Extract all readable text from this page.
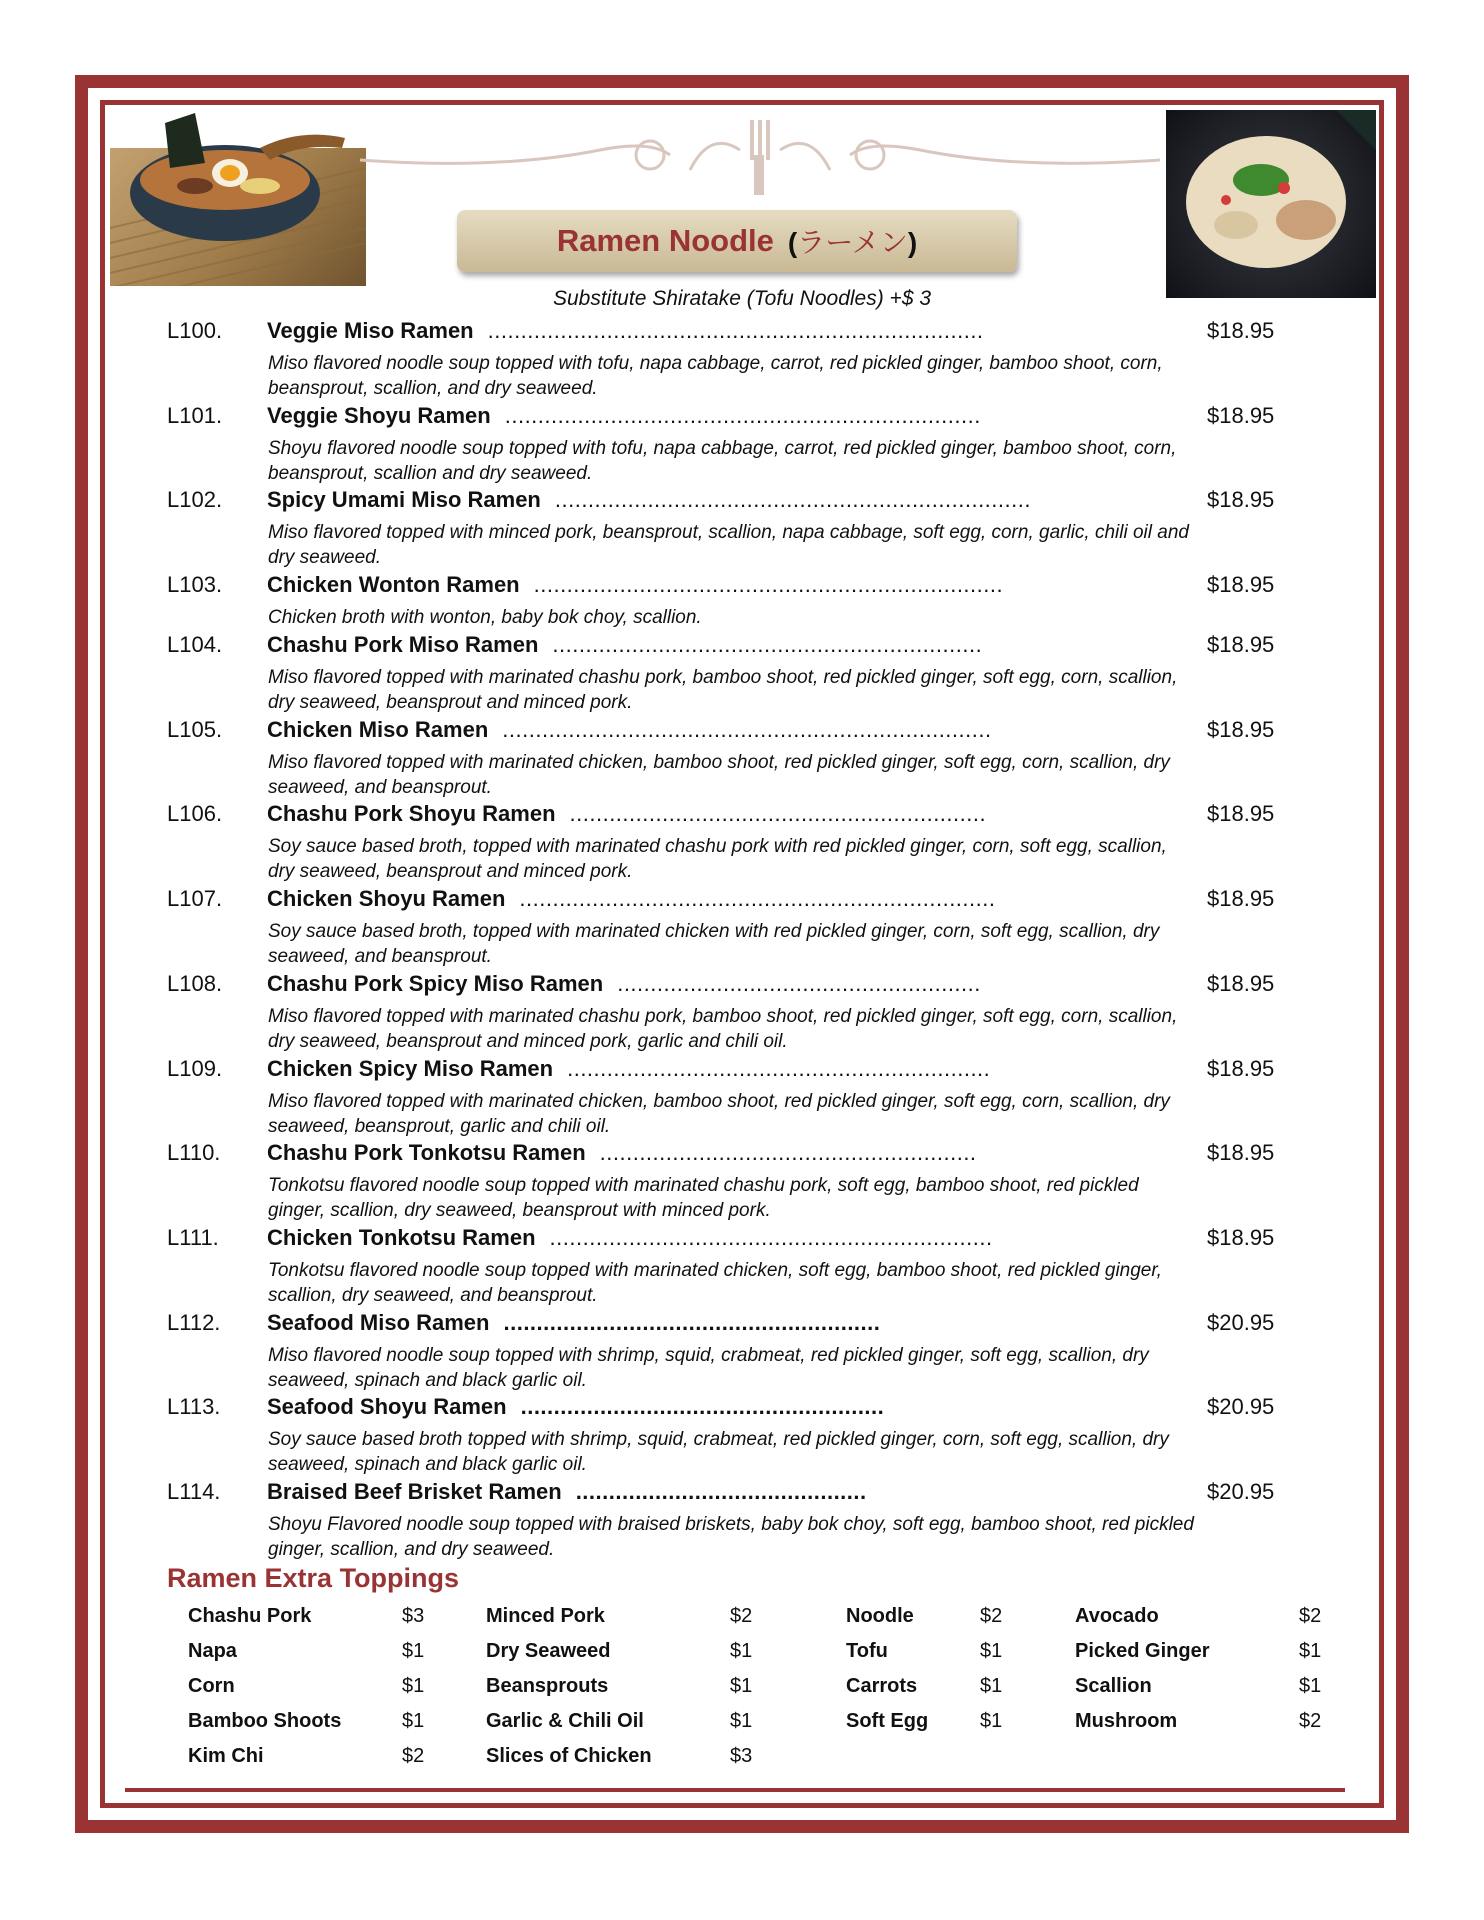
Ramen Noodle (ラーメン)
Substitute Shiratake (Tofu Noodles) +$ 3
L100. Veggie Miso Ramen ...........................................................................	$18.95
Miso flavored noodle soup topped with tofu, napa cabbage, carrot, red pickled ginger, bamboo shoot, corn, beansprout, scallion, and dry seaweed.
L101. Veggie Shoyu Ramen ........................................................................	$18.95
Shoyu flavored noodle soup topped with tofu, napa cabbage, carrot, red pickled ginger, bamboo shoot, corn, beansprout, scallion and dry seaweed.
L102. Spicy Umami Miso Ramen ........................................................................	$18.95
Miso flavored topped with minced pork, beansprout, scallion, napa cabbage, soft egg, corn, garlic, chili oil and dry seaweed.
L103. Chicken Wonton Ramen .......................................................................	$18.95
Chicken broth with wonton, baby bok choy, scallion.
L104. Chashu Pork Miso Ramen .................................................................	$18.95
Miso flavored topped with marinated chashu pork, bamboo shoot, red pickled ginger, soft egg, corn, scallion, dry seaweed, beansprout and minced pork.
L105. Chicken Miso Ramen ..........................................................................	$18.95
Miso flavored topped with marinated chicken, bamboo shoot, red pickled ginger, soft egg, corn, scallion, dry seaweed, and beansprout.
L106. Chashu Pork Shoyu Ramen ...............................................................	$18.95
Soy sauce based broth, topped with marinated chashu pork with red pickled ginger, corn, soft egg, scallion, dry seaweed, beansprout and minced pork.
L107. Chicken Shoyu Ramen ........................................................................	$18.95
Soy sauce based broth, topped with marinated chicken with red pickled ginger, corn, soft egg, scallion, dry seaweed, and beansprout.
L108. Chashu Pork Spicy Miso Ramen .......................................................	$18.95
Miso flavored topped with marinated chashu pork, bamboo shoot, red pickled ginger, soft egg, corn, scallion, dry seaweed, beansprout and minced pork, garlic and chili oil.
L109. Chicken Spicy Miso Ramen ................................................................	$18.95
Miso flavored topped with marinated chicken, bamboo shoot, red pickled ginger, soft egg, corn, scallion, dry seaweed, beansprout, garlic and chili oil.
L110. Chashu Pork Tonkotsu Ramen .........................................................	$18.95
Tonkotsu flavored noodle soup topped with marinated chashu pork, soft egg, bamboo shoot, red pickled ginger, scallion, dry seaweed, beansprout with minced pork.
L111. Chicken Tonkotsu Ramen ...................................................................	$18.95
Tonkotsu flavored noodle soup topped with marinated chicken, soft egg, bamboo shoot, red pickled ginger, scallion, dry seaweed, and beansprout.
L112. Seafood Miso Ramen .........................................................	$20.95
Miso flavored noodle soup topped with shrimp, squid, crabmeat, red pickled ginger, soft egg, scallion, dry seaweed, spinach and black garlic oil.
L113. Seafood Shoyu Ramen .......................................................	$20.95
Soy sauce based broth topped with shrimp, squid, crabmeat, red pickled ginger, corn, soft egg, scallion, dry seaweed, spinach and black garlic oil.
L114. Braised Beef Brisket Ramen ............................................	$20.95
Shoyu Flavored noodle soup topped with braised briskets, baby bok choy, soft egg, bamboo shoot, red pickled ginger, scallion, and dry seaweed.
Ramen Extra Toppings
Chashu Pork	$3	Minced Pork	$2	Noodle	$2	Avocado	$2
Napa	$1	Dry Seaweed	$1	Tofu	$1	Picked Ginger	$1
Corn	$1	Beansprouts	$1	Carrots	$1	Scallion	$1
Bamboo Shoots	$1	Garlic & Chili Oil	$1	Soft Egg	$1	Mushroom	$2
Kim Chi	$2	Slices of Chicken	$3
